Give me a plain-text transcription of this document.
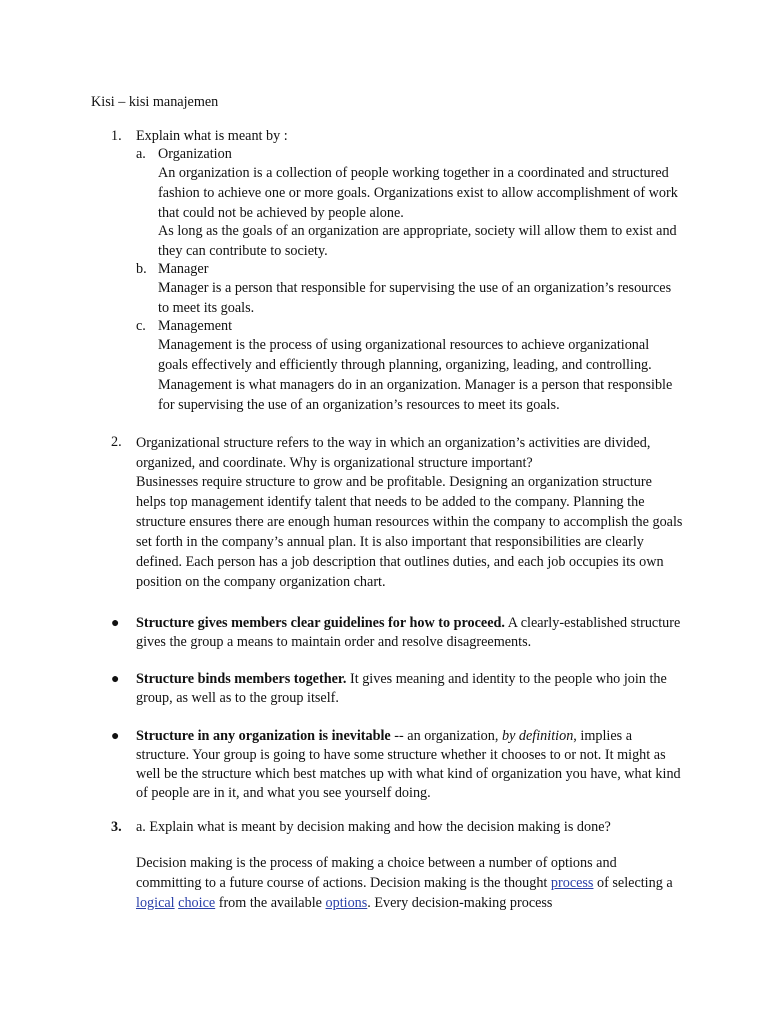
Kisi – kisi manajemen
1. Explain what is meant by :
a. Organization

An organization is a collection of people working together in a coordinated and structured fashion to achieve one or more goals. Organizations exist to allow accomplishment of work that could not be achieved by people alone.

As long as the goals of an organization are appropriate, society will allow them to exist and they can contribute to society.

b. Manager

Manager is a person that responsible for supervising the use of an organization’s resources to meet its goals.

c. Management

Management is the process of using organizational resources to achieve organizational goals effectively and efficiently through planning, organizing, leading, and controlling. Management is what managers do in an organization. Manager is a person that responsible for supervising the use of an organization’s resources to meet its goals.

2. Organizational structure refers to the way in which an organization’s activities are divided, organized, and coordinate. Why is organizational structure important?

Businesses require structure to grow and be profitable. Designing an organization structure helps top management identify talent that needs to be added to the company. Planning the structure ensures there are enough human resources within the company to accomplish the goals set forth in the company’s annual plan. It is also important that responsibilities are clearly defined. Each person has a job description that outlines duties, and each job occupies its own position on the company organization chart.

● Structure gives members clear guidelines for how to proceed. A clearly-established structure gives the group a means to maintain order and resolve disagreements.

● Structure binds members together. It gives meaning and identity to the people who join the group, as well as to the group itself.

● Structure in any organization is inevitable -- an organization, by definition, implies a structure. Your group is going to have some structure whether it chooses to or not. It might as well be the structure which best matches up with what kind of organization you have, what kind of people are in it, and what you see yourself doing.

3. a. Explain what is meant by decision making and how the decision making is done?

Decision making is the process of making a choice between a number of options and committing to a future course of actions. Decision making is the thought process of selecting a logical choice from the available options. Every decision-making process
